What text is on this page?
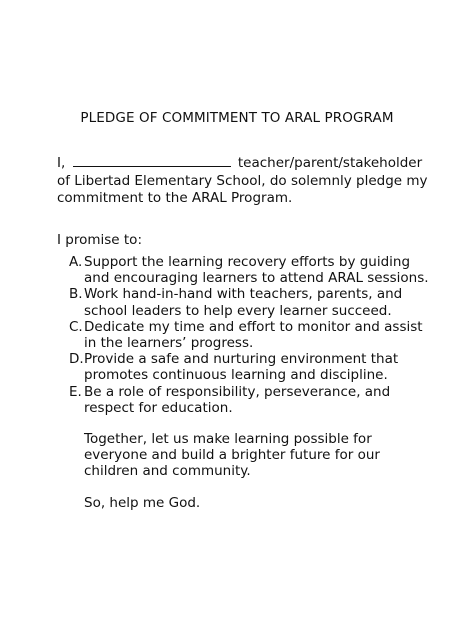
PLEDGE OF COMMITMENT TO ARAL PROGRAM
I,	teacher/parent/stakeholder of Libertad Elementary School, do solemnly pledge my commitment to the ARAL Program.
I promise to:
A. Support the learning recovery efforts by guiding and encouraging learners to attend ARAL sessions.
B. Work hand-in-hand with teachers, parents, and school leaders to help every learner succeed.
C. Dedicate my time and effort to monitor and assist in the learners’ progress.
D. Provide a safe and nurturing environment that promotes continuous learning and discipline.
E. Be a role of responsibility, perseverance, and respect for education.
Together, let us make learning possible for everyone and build a brighter future for our children and community.
So, help me God.
